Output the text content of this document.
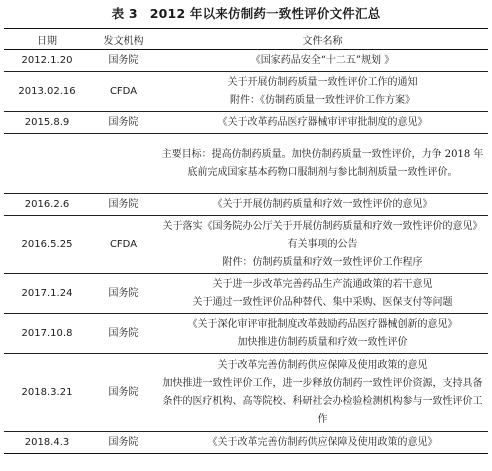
表 3 2012 年以来仿制药一致性评价文件汇总
日期	发文机构	文件名称
2012.1.20	国务院	《国家药品安全“十二五”规划 》

2013.02.16	CFDA	关于开展仿制药质量一致性评价工作的通知
附件：《仿制药质量一致性评价工作方案》

2015.8.9	国务院	《关于改革药品医疗器械审评审批制度的意见》

		主要目标：提高仿制药质量。加快仿制药质量一致性评价，力争 2018 年底前完成国家基本药物口服制剂与参比制剂质量一致性评价。

2016.2.6	国务院	《关于开展仿制药质量和疗效一致性评价的意见》

2016.5.25	CFDA	关于落实《国务院办公厅关于开展仿制药质量和疗效一致性评价的意见》
有关事项的公告
附件：仿制药质量和疗效一致性评价工作程序

2017.1.24	国务院	关于进一步改革完善药品生产流通政策的若干意见
关于通过一致性评价品种替代、集中采购、医保支付等问题

2017.10.8	国务院	《关于深化审评审批制度改革鼓励药品医疗器械创新的意见》
加快推进仿制药质量和疗效一致性评价

2018.3.21	国务院	关于改革完善仿制药供应保障及使用政策的意见
加快推进一致性评价工作，进一步释放仿制药一致性评价资源，支持具备条件的医疗机构、高等院校、科研社会办检验检测机构参与一致性评价工作

2018.4.3	国务院	《关于改革完善仿制药供应保障及使用政策的意见》
